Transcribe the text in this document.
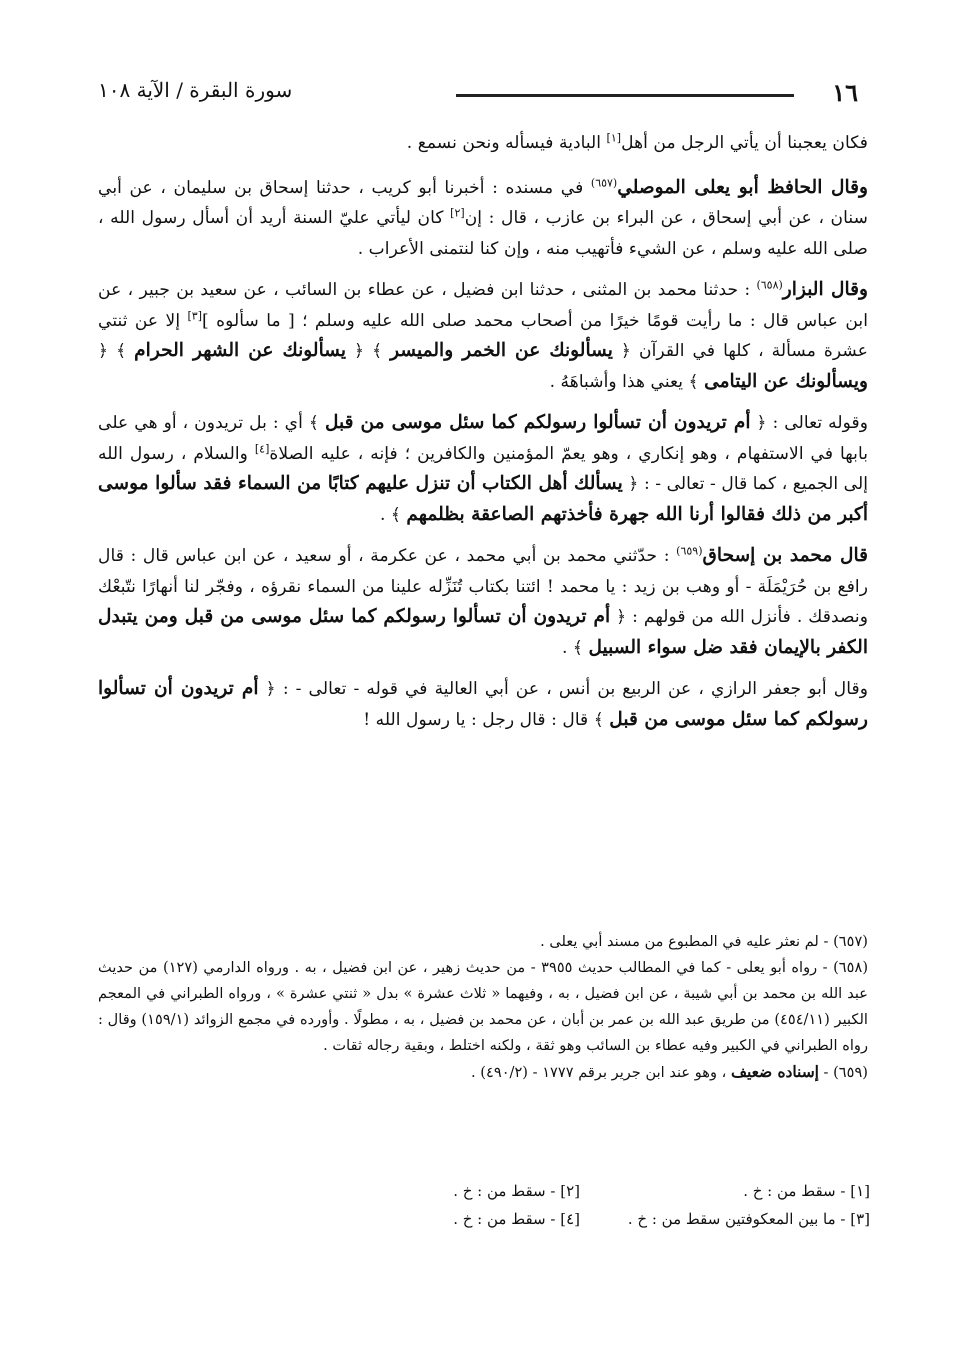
١٦
سورة البقرة / الآية ١٠٨

فكان يعجبنا أن يأتي الرجل من أهل[١] البادية فيسأله ونحن نسمع .

وقال الحافظ أبو يعلى الموصلي$^{(٦٥٧)}$ في مسنده : أخبرنا أبو كريب ، حدثنا إسحاق بن سليمان ، عن أبي سنان ، عن أبي إسحاق ، عن البراء بن عازب ، قال : إن[٢] كان ليأتي عليّ السنة أريد أن أسأل رسول الله ، صلى الله عليه وسلم ، عن الشيء فأتهيب منه ، وإن كنا لنتمنى الأعراب .

وقال البزار$^{(٦٥٨)}$ : حدثنا محمد بن المثنى ، حدثنا ابن فضيل ، عن عطاء بن السائب ، عن سعيد بن جبير ، عن ابن عباس قال : ما رأيت قومًا خيرًا من أصحاب محمد صلى الله عليه وسلم ؛ [ ما سألوه ][٣] إلا عن ثنتي عشرة مسألة ، كلها في القرآن ﴿ يسألونك عن الخمر والميسر ﴾ ﴿ يسألونك عن الشهر الحرام ﴾ ﴿ ويسألونك عن اليتامى ﴾ يعني هذا وأشباهَهُ .

وقوله تعالى : ﴿ أم تريدون أن تسألوا رسولكم كما سئل موسى من قبل ﴾ أي : بل تريدون ، أو هي على بابها في الاستفهام ، وهو إنكاري ، وهو يعمّ المؤمنين والكافرين ؛ فإنه ، عليه الصلاة[٤] والسلام ، رسول الله إلى الجميع ، كما قال - تعالى - : ﴿ يسألك أهل الكتاب أن تنزل عليهم كتابًا من السماء فقد سألوا موسى أكبر من ذلك فقالوا أرنا الله جهرة فأخذتهم الصاعقة بظلمهم ﴾ .

قال محمد بن إسحاق$^{(٦٥٩)}$ : حدّثني محمد بن أبي محمد ، عن عكرمة ، أو سعيد ، عن ابن عباس قال : قال رافع بن حُرَيْمَلَة - أو وهب بن زيد : يا محمد ! ائتنا بكتاب تُنَزِّله علينا من السماء نقرؤه ، وفجّر لنا أنهارًا نتّبعْك ونصدقك . فأنزل الله من قولهم : ﴿ أم تريدون أن تسألوا رسولكم كما سئل موسى من قبل ومن يتبدل الكفر بالإيمان فقد ضل سواء السبيل ﴾ .

وقال أبو جعفر الرازي ، عن الربيع بن أنس ، عن أبي العالية في قوله - تعالى - : ﴿ أم تريدون أن تسألوا رسولكم كما سئل موسى من قبل ﴾ قال : قال رجل : يا رسول الله !

(٦٥٧) - لم نعثر عليه في المطبوع من مسند أبي يعلى .

(٦٥٨) - رواه أبو يعلى - كما في المطالب حديث ٣٩٥٥ - من حديث زهير ، عن ابن فضيل ، به . ورواه الدارمي (١٢٧) من حديث عبد الله بن محمد بن أبي شيبة ، عن ابن فضيل ، به ، وفيهما « ثلاث عشرة » بدل « ثنتي عشرة » ، ورواه الطبراني في المعجم الكبير (٤٥٤/١١) من طريق عبد الله بن عمر بن أبان ، عن محمد بن فضيل ، به ، مطولًا . وأورده في مجمع الزوائد (١٥٩/١) وقال : رواه الطبراني في الكبير وفيه عطاء بن السائب وهو ثقة ، ولكنه اختلط ، وبقية رجاله ثقات .

(٦٥٩) - إسناده ضعيف ، وهو عند ابن جرير برقم ١٧٧٧ - (٤٩٠/٢) .

[١] - سقط من : خ .
[٢] - سقط من : خ .
[٣] - ما بين المعكوفتين سقط من : خ .
[٤] - سقط من : خ .
